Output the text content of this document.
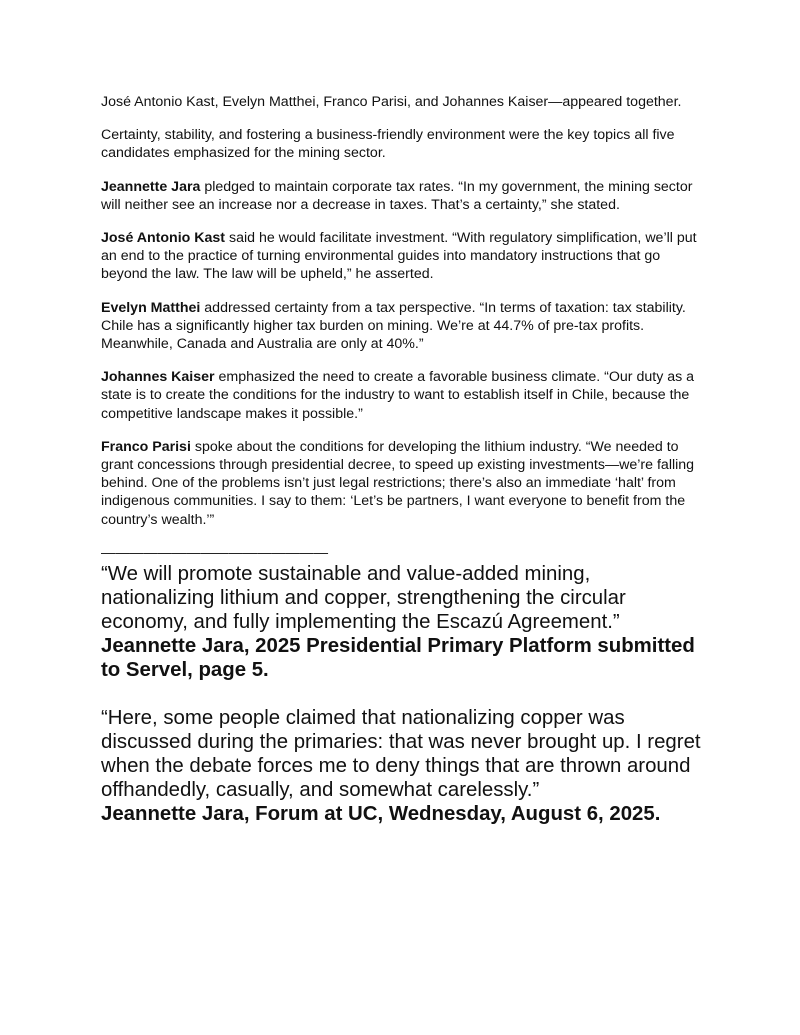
José Antonio Kast, Evelyn Matthei, Franco Parisi, and Johannes Kaiser—appeared together.

Certainty, stability, and fostering a business-friendly environment were the key topics all five candidates emphasized for the mining sector.

Jeannette Jara pledged to maintain corporate tax rates. “In my government, the mining sector will neither see an increase nor a decrease in taxes. That’s a certainty,” she stated.

José Antonio Kast said he would facilitate investment. “With regulatory simplification, we’ll put an end to the practice of turning environmental guides into mandatory instructions that go beyond the law. The law will be upheld,” he asserted.

Evelyn Matthei addressed certainty from a tax perspective. “In terms of taxation: tax stability. Chile has a significantly higher tax burden on mining. We’re at 44.7% of pre-tax profits. Meanwhile, Canada and Australia are only at 40%.”

Johannes Kaiser emphasized the need to create a favorable business climate. “Our duty as a state is to create the conditions for the industry to want to establish itself in Chile, because the competitive landscape makes it possible.”

Franco Parisi spoke about the conditions for developing the lithium industry. “We needed to grant concessions through presidential decree, to speed up existing investments—we’re falling behind. One of the problems isn’t just legal restrictions; there’s also an immediate ‘halt’ from indigenous communities. I say to them: ‘Let’s be partners, I want everyone to benefit from the country’s wealth.’”

————————————————

“We will promote sustainable and value-added mining, nationalizing lithium and copper, strengthening the circular economy, and fully implementing the Escazú Agreement.”

Jeannette Jara, 2025 Presidential Primary Platform submitted to Servel, page 5.

“Here, some people claimed that nationalizing copper was discussed during the primaries: that was never brought up. I regret when the debate forces me to deny things that are thrown around offhandedly, casually, and somewhat carelessly.”

Jeannette Jara, Forum at UC, Wednesday, August 6, 2025.
